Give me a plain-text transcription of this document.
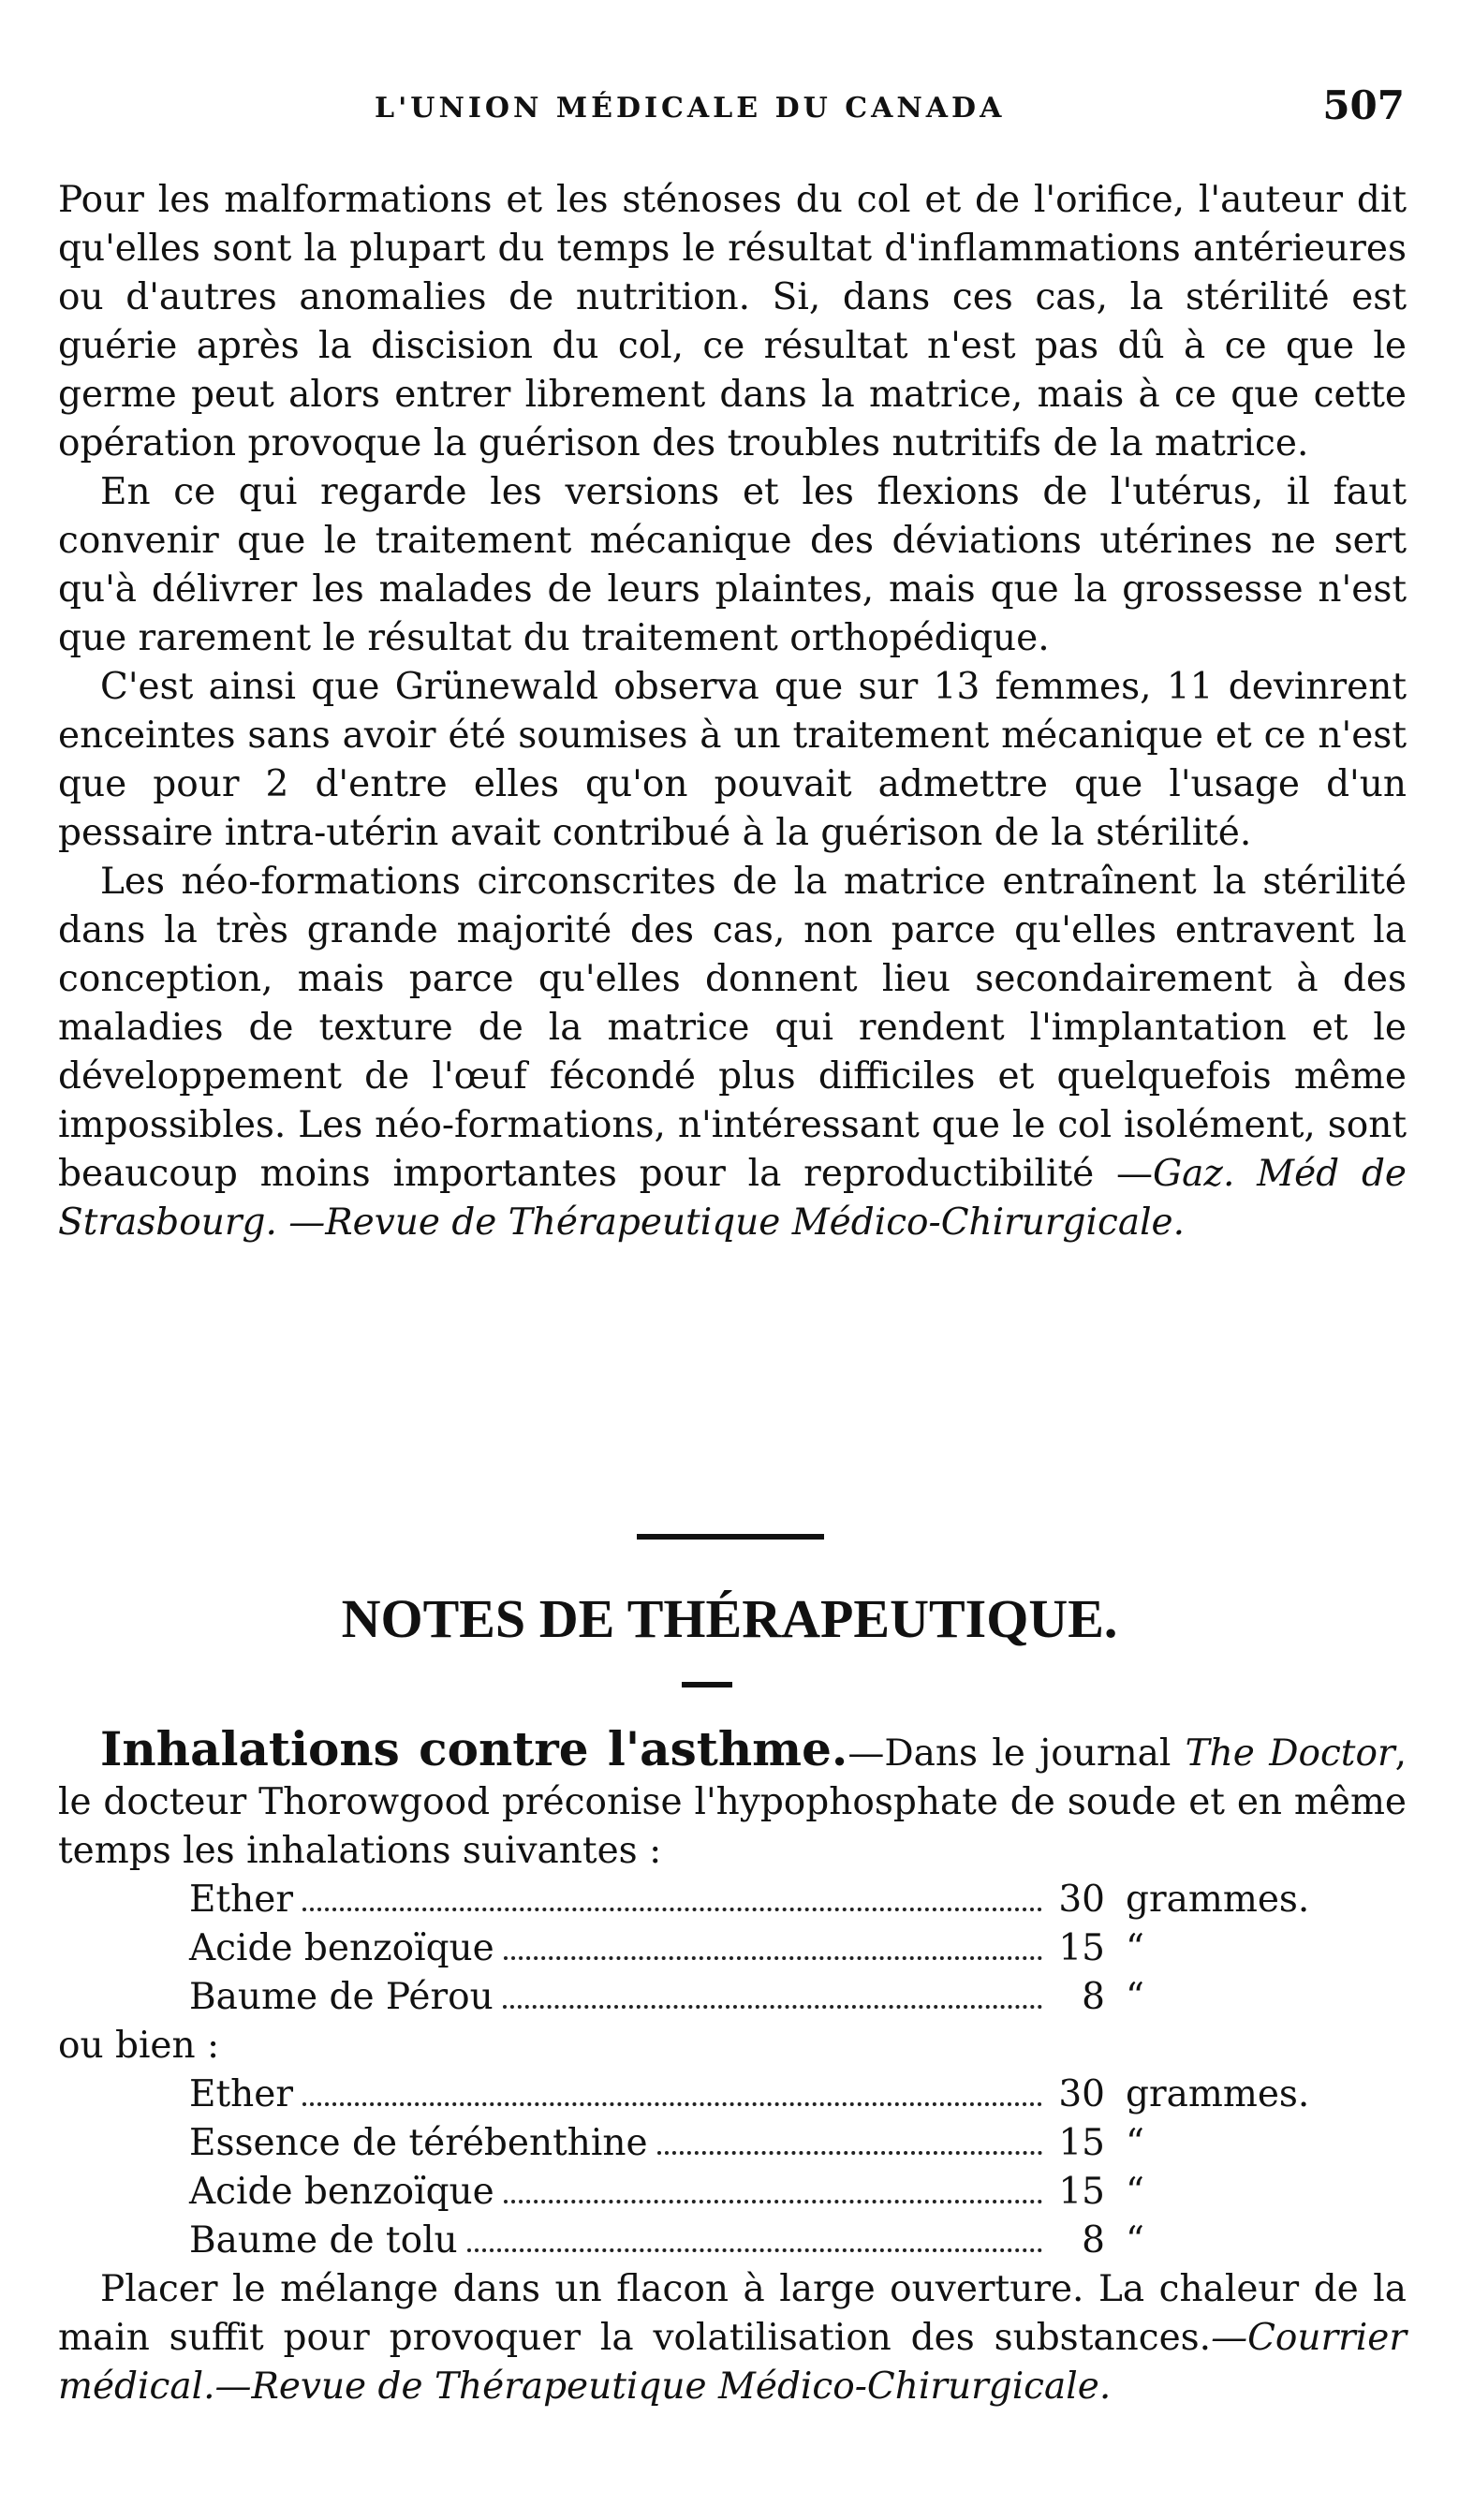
L'UNION MÉDICALE DU CANADA	507

Pour les malformations et les sténoses du col et de l'orifice, l'auteur dit qu'elles sont la plupart du temps le résultat d'inflammations antérieures ou d'autres anomalies de nutrition. Si, dans ces cas, la stérilité est guérie après la discision du col, ce résultat n'est pas dû à ce que le germe peut alors entrer librement dans la matrice, mais à ce que cette opération provoque la guérison des troubles nutritifs de la matrice.

En ce qui regarde les versions et les flexions de l'utérus, il faut convenir que le traitement mécanique des déviations utérines ne sert qu'à délivrer les malades de leurs plaintes, mais que la grossesse n'est que rarement le résultat du traitement orthopédique.

C'est ainsi que Grünewald observa que sur 13 femmes, 11 devinrent enceintes sans avoir été soumises à un traitement mécanique et ce n'est que pour 2 d'entre elles qu'on pouvait admettre que l'usage d'un pessaire intra-utérin avait contribué à la guérison de la stérilité.

Les néo-formations circonscrites de la matrice entraînent la stérilité dans la très grande majorité des cas, non parce qu'elles entravent la conception, mais parce qu'elles donnent lieu secondairement à des maladies de texture de la matrice qui rendent l'implantation et le développement de l'œuf fécondé plus difficiles et quelquefois même impossibles. Les néo-formations, n'intéressant que le col isolément, sont beaucoup moins importantes pour la reproductibilité —Gaz. Méd de Strasbourg. —Revue de Thérapeutique Médico-Chirurgicale.

NOTES DE THÉRAPEUTIQUE.

Inhalations contre l'asthme.—Dans le journal The Doctor, le docteur Thorowgood préconise l'hypophosphate de soude et en même temps les inhalations suivantes :

Ether	30 grammes.
Acide benzoïque	15 “
Baume de Pérou	8 “
ou bien :
Ether	30 grammes.
Essence de térébenthine	15 “
Acide benzoïque	15 “
Baume de tolu	8 “

Placer le mélange dans un flacon à large ouverture. La chaleur de la main suffit pour provoquer la volatilisation des substances.—Courrier médical.—Revue de Thérapeutique Médico-Chirurgicale.
